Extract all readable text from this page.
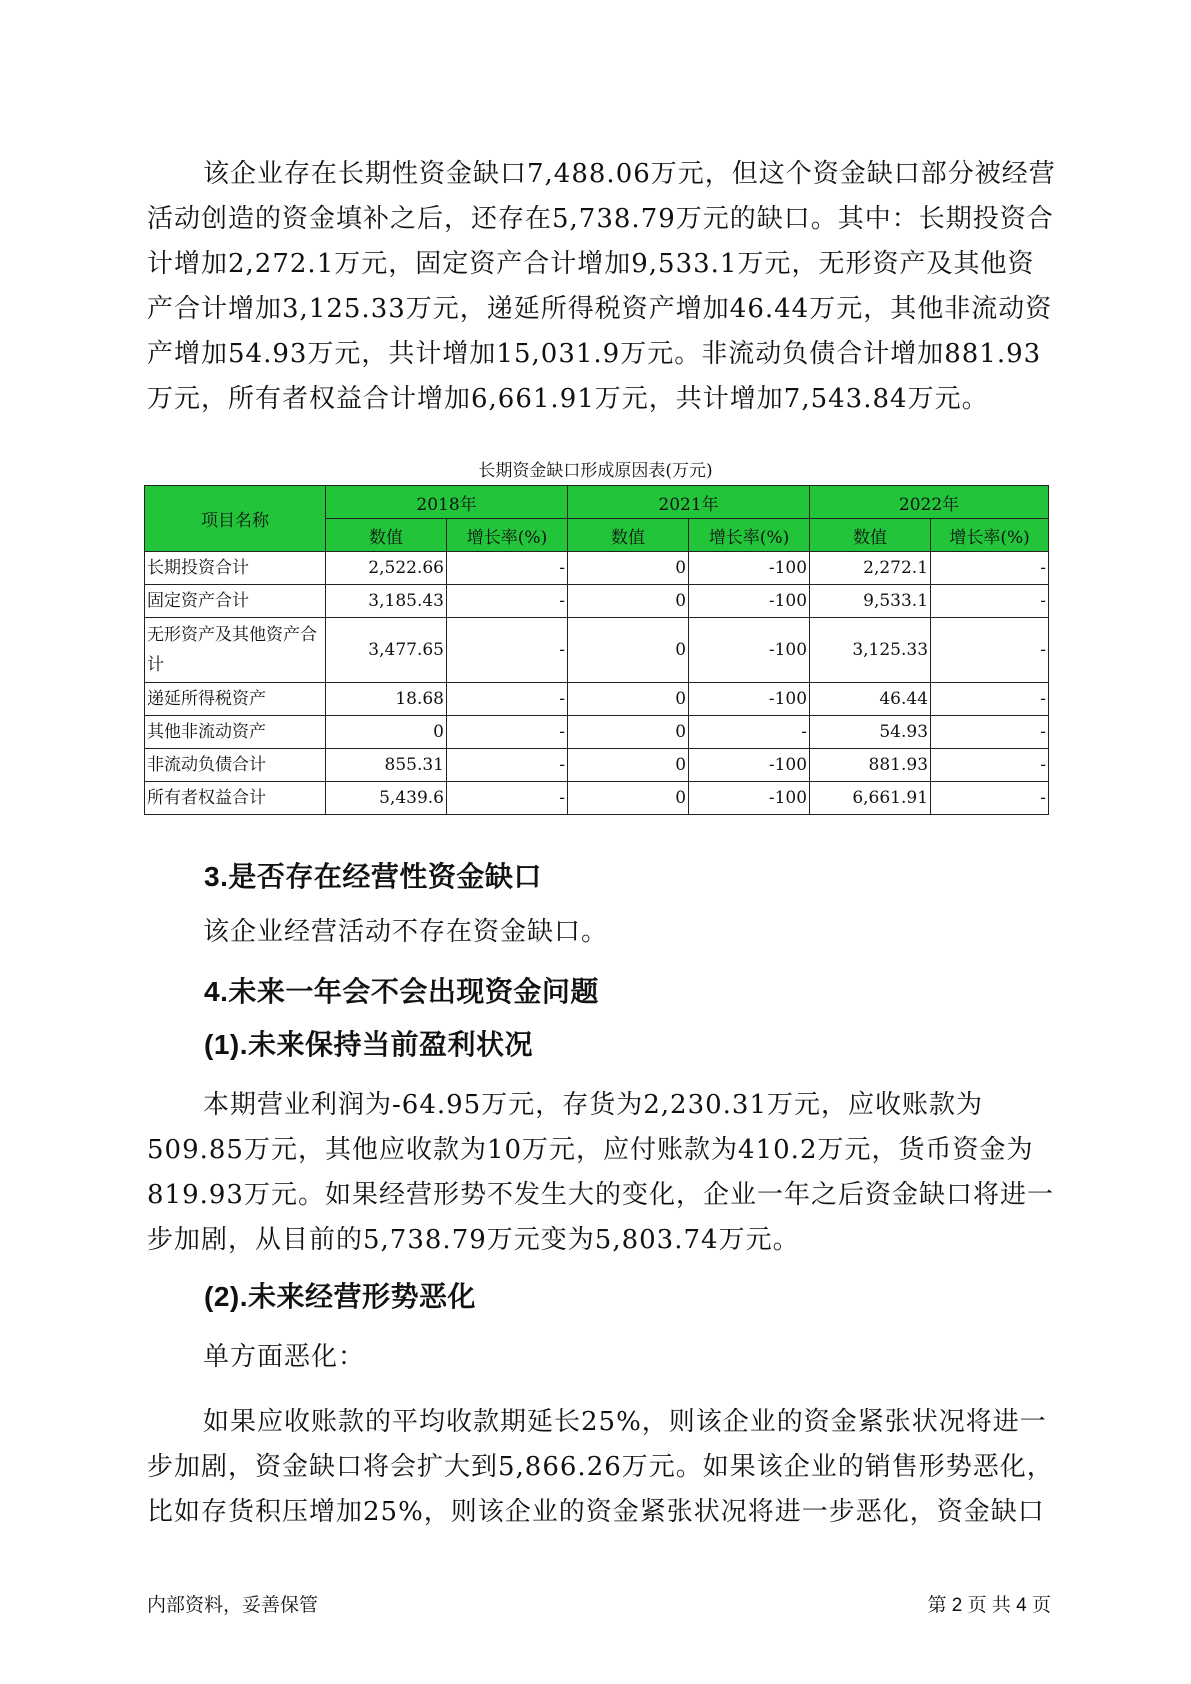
该企业存在长期性资金缺口7,488.06万元，但这个资金缺口部分被经营活动创造的资金填补之后，还存在5,738.79万元的缺口。其中：长期投资合计增加2,272.1万元，固定资产合计增加9,533.1万元，无形资产及其他资产合计增加3,125.33万元，递延所得税资产增加46.44万元，其他非流动资产增加54.93万元，共计增加15,031.9万元。非流动负债合计增加881.93万元，所有者权益合计增加6,661.91万元，共计增加7,543.84万元。

长期资金缺口形成原因表(万元)
项目名称	2018年		2021年		2022年	
	数值	增长率(%)	数值	增长率(%)	数值	增长率(%)
长期投资合计	2,522.66	-	0	-100	2,272.1	-
固定资产合计	3,185.43	-	0	-100	9,533.1	-
无形资产及其他资产合计	3,477.65	-	0	-100	3,125.33	-
递延所得税资产	18.68	-	0	-100	46.44	-
其他非流动资产	0	-	0	-	54.93	-
非流动负债合计	855.31	-	0	-100	881.93	-
所有者权益合计	5,439.6	-	0	-100	6,661.91	-
3.是否存在经营性资金缺口

该企业经营活动不存在资金缺口。

4.未来一年会不会出现资金问题
(1).未来保持当前盈利状况

本期营业利润为-64.95万元，存货为2,230.31万元，应收账款为509.85万元，其他应收款为10万元，应付账款为410.2万元，货币资金为819.93万元。如果经营形势不发生大的变化，企业一年之后资金缺口将进一步加剧，从目前的5,738.79万元变为5,803.74万元。

(2).未来经营形势恶化

单方面恶化：

如果应收账款的平均收款期延长25%，则该企业的资金紧张状况将进一步加剧，资金缺口将会扩大到5,866.26万元。如果该企业的销售形势恶化，比如存货积压增加25%，则该企业的资金紧张状况将进一步恶化，资金缺口

内部资料，妥善保管	第 2 页 共 4 页
